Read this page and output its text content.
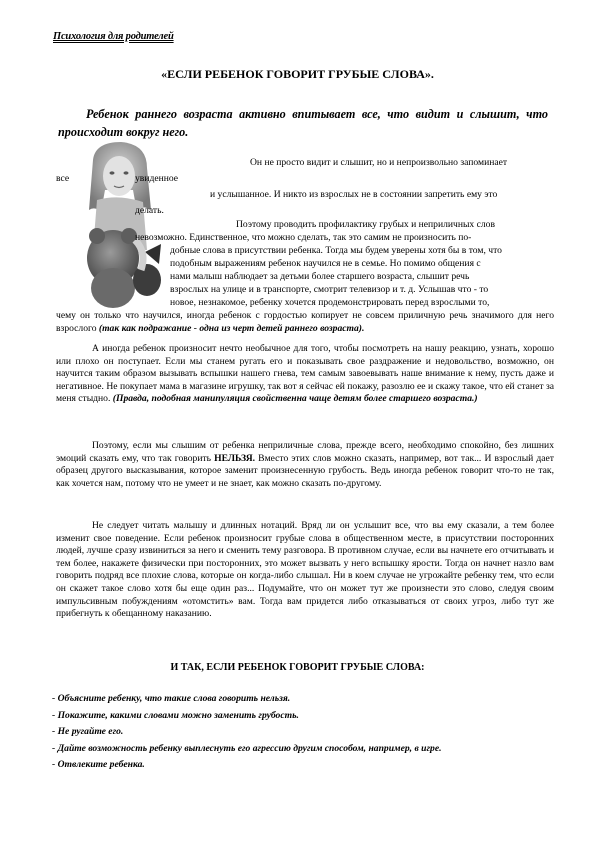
Психология для родителей
«ЕСЛИ РЕБЕНОК ГОВОРИТ ГРУБЫЕ СЛОВА».
Ребенок раннего возраста активно впитывает все, что видит и слышит, что происходит вокруг него.
Он не просто видит и слышит, но и непроизвольно запоминает
все	увиденное
и услышанное. И никто из взрослых не в состоянии запретить ему это
делать.
Поэтому проводить профилактику грубых и неприличных слов
невозможно. Единственное, что можно сделать, так это самим не произносить по-
добные слова в присутствии ребенка. Тогда мы будем уверены хотя бы в том, что
подобным выражениям ребенок научился не в семье. Но помимо общения с
нами малыш наблюдает за детьми более старшего возраста, слышит речь
взрослых на улице и в транспорте, смотрит телевизор и т. д. Услышав что - то
новое, незнакомое, ребенку хочется продемонстрировать перед взрослыми то,

чему он только что научился, иногда ребенок с гордостью копирует не совсем приличную речь значимого для него взрослого (так как подражание - одна из черт детей раннего возраста).

А иногда ребенок произносит нечто необычное для того, чтобы посмотреть на нашу реакцию, узнать, хорошо или плохо он поступает. Если мы станем ругать его и показывать свое раздражение и недовольство, возможно, он научится таким образом вызывать вспышки нашего гнева, тем самым завоевывать наше внимание к нему, пусть даже и негативное. Не покупает мама в магазине игрушку, так вот я сейчас ей покажу, разозлю ее и скажу такое, что ей станет за меня стыдно. (Правда, подобная манипуляция свойственна чаще детям более старшего возраста.)

Поэтому, если мы слышим от ребенка неприличные слова, прежде всего, необходимо спокойно, без лишних эмоций сказать ему, что так говорить НЕЛЬЗЯ. Вместо этих слов можно сказать, например, вот так... И взрослый дает образец другого высказывания, которое заменит произнесенную грубость. Ведь иногда ребенок говорит что-то не так, как хочется нам, потому что не умеет и не знает, как можно сказать по-другому.

Не следует читать малышу и длинных нотаций. Вряд ли он услышит все, что вы ему сказали, а тем более изменит свое поведение. Если ребенок произносит грубые слова в общественном месте, в присутствии посторонних людей, лучше сразу извиниться за него и сменить тему разговора. В противном случае, если вы начнете его отчитывать и тем более, накажете физически при посторонних, это может вызвать у него вспышку ярости. Тогда он начнет назло вам говорить подряд все плохие слова, которые он когда-либо слышал. Ни в коем случае не угрожайте ребенку тем, что если он скажет такое слово хотя бы еще один раз... Подумайте, что он может тут же произнести это слово, следуя своим импульсивным побуждениям «отомстить» вам. Тогда вам придется либо отказываться от своих угроз, либо тут же прибегнуть к обещанному наказанию.

И ТАК, ЕСЛИ РЕБЕНОК ГОВОРИТ ГРУБЫЕ СЛОВА:
- Объясните ребенку, что такие слова говорить нельзя.
- Покажите, какими словами можно заменить грубость.
- Не ругайте его.
- Дайте возможность ребенку выплеснуть его агрессию другим способом, например, в игре.
- Отвлеките ребенка.
